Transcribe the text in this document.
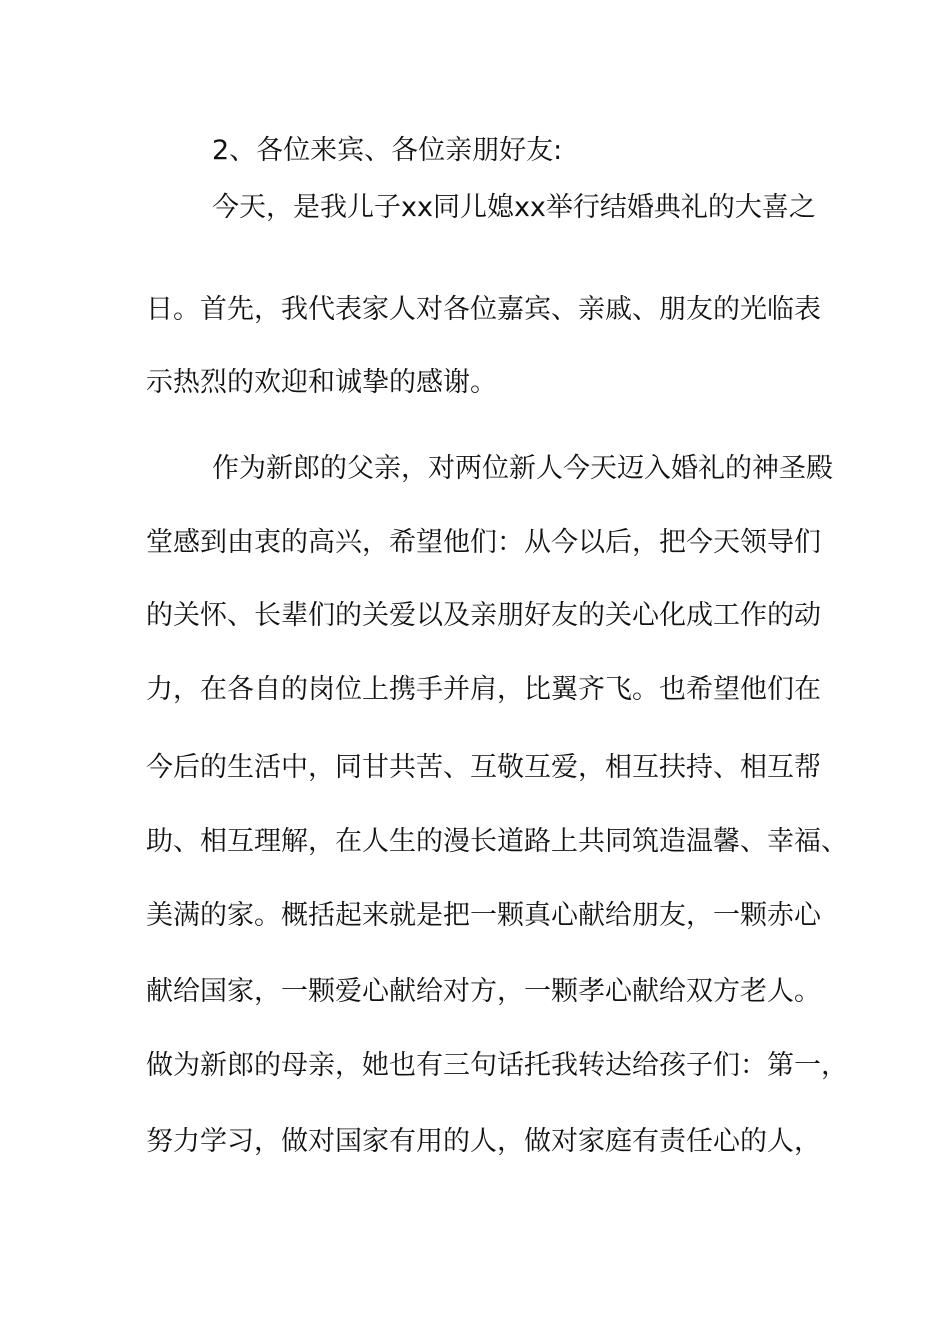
2、各位来宾、各位亲朋好友:
今天，是我儿子xx同儿媳xx举行结婚典礼的大喜之
日。首先，我代表家人对各位嘉宾、亲戚、朋友的光临表
示热烈的欢迎和诚挚的感谢。
作为新郎的父亲，对两位新人今天迈入婚礼的神圣殿
堂感到由衷的高兴，希望他们：从今以后，把今天领导们
的关怀、长辈们的关爱以及亲朋好友的关心化成工作的动
力，在各自的岗位上携手并肩，比翼齐飞。也希望他们在
今后的生活中，同甘共苦、互敬互爱，相互扶持、相互帮
助、相互理解，在人生的漫长道路上共同筑造温馨、幸福、
美满的家。概括起来就是把一颗真心献给朋友，一颗赤心
献给国家，一颗爱心献给对方，一颗孝心献给双方老人。
做为新郎的母亲，她也有三句话托我转达给孩子们：第一，
努力学习，做对国家有用的人，做对家庭有责任心的人，
